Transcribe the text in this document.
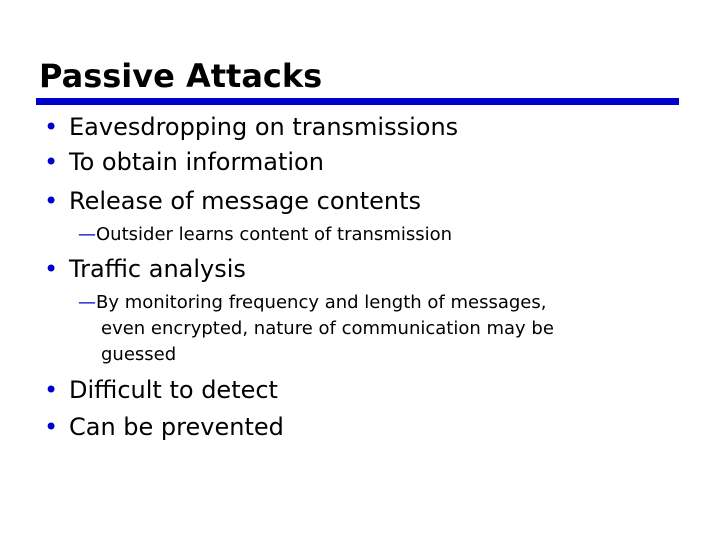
Passive Attacks
• Eavesdropping on transmissions
• To obtain information
• Release of message contents
—Outsider learns content of transmission
• Traffic analysis
—By monitoring frequency and length of messages,
even encrypted, nature of communication may be
guessed
• Difficult to detect
• Can be prevented
